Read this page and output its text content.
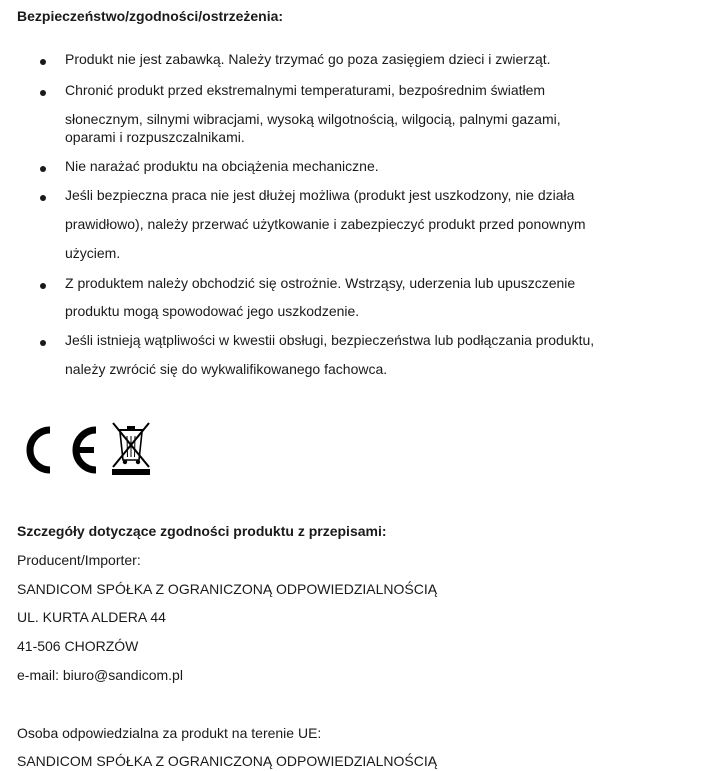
Bezpieczeństwo/zgodności/ostrzeżenia:
Produkt nie jest zabawką. Należy trzymać go poza zasięgiem dzieci i zwierząt.
Chronić produkt przed ekstremalnymi temperaturami, bezpośrednim światłem
słonecznym, silnymi wibracjami, wysoką wilgotnością, wilgocią, palnymi gazami,
oparami i rozpuszczalnikami.
Nie narażać produktu na obciążenia mechaniczne.
Jeśli bezpieczna praca nie jest dłużej możliwa (produkt jest uszkodzony, nie działa
prawidłowo), należy przerwać użytkowanie i zabezpieczyć produkt przed ponownym
użyciem.
Z produktem należy obchodzić się ostrożnie. Wstrząsy, uderzenia lub upuszczenie
produktu mogą spowodować jego uszkodzenie.
Jeśli istnieją wątpliwości w kwestii obsługi, bezpieczeństwa lub podłączania produktu,
należy zwrócić się do wykwalifikowanego fachowca.
Szczegóły dotyczące zgodności produktu z przepisami:
Producent/Importer:
SANDICOM SPÓŁKA Z OGRANICZONĄ ODPOWIEDZIALNOŚCIĄ
UL. KURTA ALDERA 44
41-506 CHORZÓW
e-mail: biuro@sandicom.pl
Osoba odpowiedzialna za produkt na terenie UE:
SANDICOM SPÓŁKA Z OGRANICZONĄ ODPOWIEDZIALNOŚCIĄ
